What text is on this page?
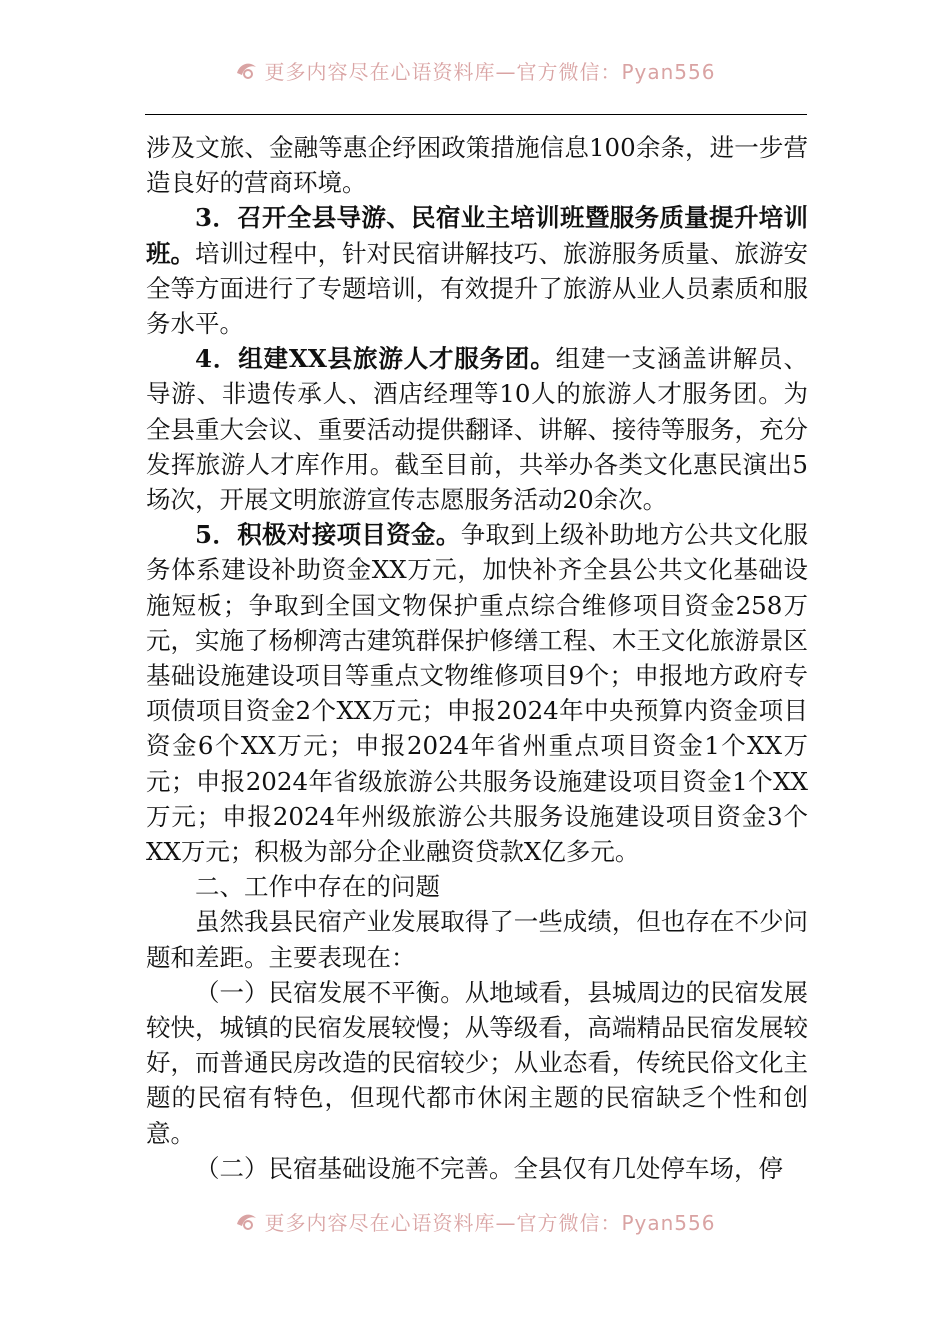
更多内容尽在心语资料库—官方微信：Pyan556

涉及文旅、金融等惠企纾困政策措施信息100余条，进一步营造良好的营商环境。

3．召开全县导游、民宿业主培训班暨服务质量提升培训班。培训过程中，针对民宿讲解技巧、旅游服务质量、旅游安全等方面进行了专题培训，有效提升了旅游从业人员素质和服务水平。

4．组建XX县旅游人才服务团。组建一支涵盖讲解员、导游、非遗传承人、酒店经理等10人的旅游人才服务团。为全县重大会议、重要活动提供翻译、讲解、接待等服务，充分发挥旅游人才库作用。截至目前，共举办各类文化惠民演出5场次，开展文明旅游宣传志愿服务活动20余次。

5．积极对接项目资金。争取到上级补助地方公共文化服务体系建设补助资金XX万元，加快补齐全县公共文化基础设施短板；争取到全国文物保护重点综合维修项目资金258万元，实施了杨柳湾古建筑群保护修缮工程、木王文化旅游景区基础设施建设项目等重点文物维修项目9个；申报地方政府专项债项目资金2个XX万元；申报2024年中央预算内资金项目资金6个XX万元；申报2024年省州重点项目资金1个XX万元；申报2024年省级旅游公共服务设施建设项目资金1个XX万元；申报2024年州级旅游公共服务设施建设项目资金3个XX万元；积极为部分企业融资贷款X亿多元。

二、工作中存在的问题

虽然我县民宿产业发展取得了一些成绩，但也存在不少问题和差距。主要表现在：

（一）民宿发展不平衡。从地域看，县城周边的民宿发展较快，城镇的民宿发展较慢；从等级看，高端精品民宿发展较好，而普通民房改造的民宿较少；从业态看，传统民俗文化主题的民宿有特色，但现代都市休闲主题的民宿缺乏个性和创意。

（二）民宿基础设施不完善。全县仅有几处停车场，停

更多内容尽在心语资料库—官方微信：Pyan556
